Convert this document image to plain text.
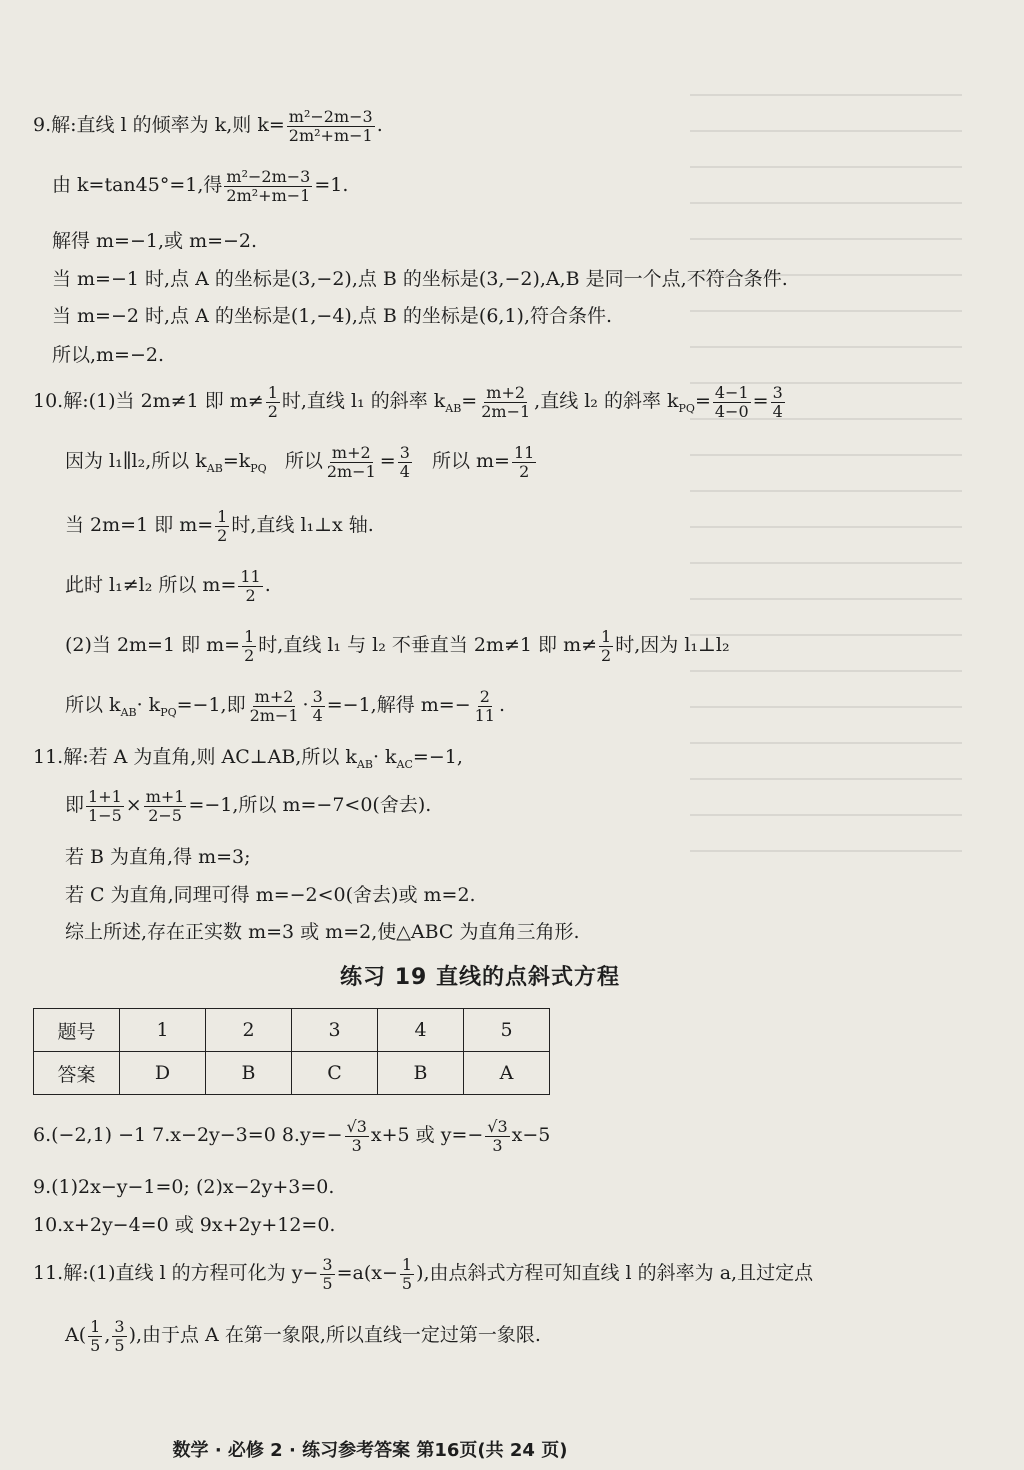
9.解:直线 l 的倾率为 k,则 $k= \frac{\text{m²−2m−3}}{\text{2m²+m−1}}$ .
由 k=tan45°=1,得 $\frac{\text{m²−2m−3}}{\text{2m²+m−1}} =1$.
解得 m=−1,或 m=−2.
当 m=−1 时,点 A 的坐标是(3,−2),点 B 的坐标是(3,−2),A,B 是同一个点,不符合条件.
当 m=−2 时,点 A 的坐标是(1,−4),点 B 的坐标是(6,1),符合条件.
所以,m=−2.
10.解:(1)当 2m≠1 即 $m\ne \frac{1}{2}$ 时,直线 l₁ 的斜率 $k_{AB}= \frac{m+2}{2m-1}$ ,直线 l₂ 的斜率 $k_{PQ}= \frac{4-1}{4-0} = \frac{3}{4}$
因为 l₁∥l₂,所以 $k_{AB}=k_{PQ}$ 所以 $\frac{m+2}{2m-1} = \frac{3}{4}$ 所以 $m= \frac{11}{2}$
当 2m=1 即 $m= \frac{1}{2}$ 时,直线 l₁⊥x 轴.
此时 l₁≠l₂ 所以 $m= \frac{11}{2}$ .
(2)当 2m=1 即 $m= \frac{1}{2}$ 时,直线 l₁ 与 l₂ 不垂直当 2m≠1 即 $m\ne \frac{1}{2}$ 时,因为 l₁⊥l₂
所以 $k_{AB}\cdot k_{PQ}=-1$,即 $\frac{m+2}{2m-1} \cdot \frac{3}{4} =-1$,解得 $m=- \frac{2}{11}$ .
11.解:若 A 为直角,则 AC⊥AB,所以 $k_{AB}\cdot k_{AC}=-1$,
即 $\frac{1+1}{1-5} \times \frac{m+1}{2-5} =-1$,所以 m=−7<0(舍去).
若 B 为直角,得 m=3;
若 C 为直角,同理可得 m=−2<0(舍去)或 m=2.
综上所述,存在正实数 m=3 或 m=2,使△ABC 为直角三角形.
练习 19 直线的点斜式方程
题号	1	2	3	4	5
答案	D	B	C	B	A
6.(−2,1) −1 7.x−2y−3=0 $8.y=- \frac{√3}{3} x+5$ 或 $y=- \frac{√3}{3} x-5$
9.(1)2x−y−1=0; (2)x−2y+3=0.
10.x+2y−4=0 或 9x+2y+12=0.
11.解:(1)直线 l 的方程可化为 $y- \frac{3}{5} =a(x- \frac{1}{5}$ ),由点斜式方程可知直线 l 的斜率为 a,且过定点
$A( \frac{1}{5}$ , $\frac{3}{5}$ ),由于点 A 在第一象限,所以直线一定过第一象限.
数学 · 必修 2 · 练习参考答案 第16页(共 24 页)
